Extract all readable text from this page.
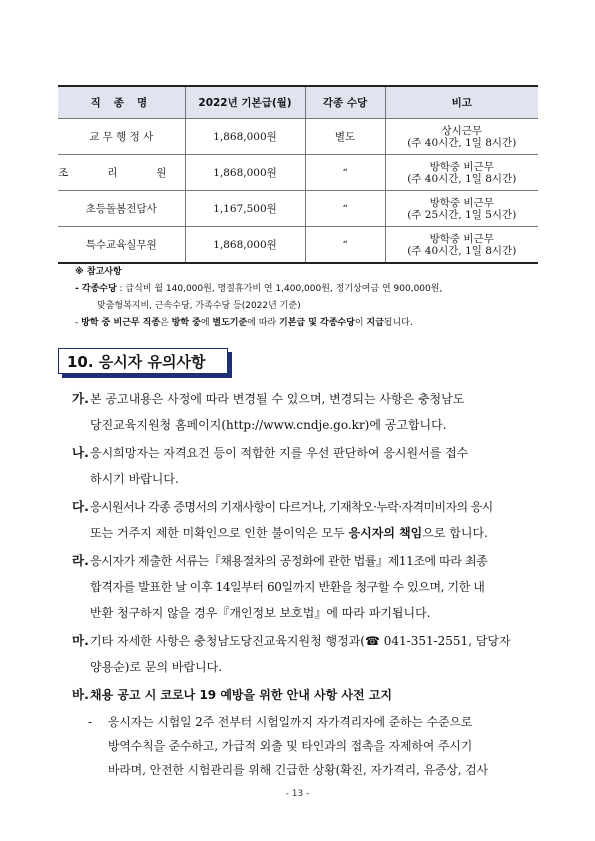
직 종 명	2022년 기본급(월)	각종 수당	비고
교 무 행 정 사	1,868,000원	별도	상시근무
(주 40시간, 1일 8시간)

조 리 원	1,868,000원	“	방학중 비근무
(주 40시간, 1일 8시간)

초등돌봄전담사	1,167,500원	“	방학중 비근무
(주 25시간, 1일 5시간)

특수교육실무원	1,868,000원	“	방학중 비근무
(주 40시간, 1일 8시간)
※ 참고사항
- 각종수당 : 급식비 월 140,000원, 명절휴가비 연 1,400,000원, 정기상여금 연 900,000원,
맞춤형복지비, 근속수당, 가족수당 등(2022년 기준)
- 방학 중 비근무 직종은 방학 중에 별도기준에 따라 기본급 및 각종수당이 지급됩니다.
10. 응시자 유의사항
가. 본 공고내용은 사정에 따라 변경될 수 있으며, 변경되는 사항은 충청남도
당진교육지원청 홈페이지(http://www.cndje.go.kr)에 공고합니다.
나. 응시희망자는 자격요건 등이 적합한 지를 우선 판단하여 응시원서를 접수
하시기 바랍니다.
다. 응시원서나 각종 증명서의 기재사항이 다르거나, 기재착오·누락·자격미비자의 응시
또는 거주지 제한 미확인으로 인한 불이익은 모두 응시자의 책임으로 합니다.
라. 응시자가 제출한 서류는『채용절차의 공정화에 관한 법률』제11조에 따라 최종
합격자를 발표한 날 이후 14일부터 60일까지 반환을 청구할 수 있으며, 기한 내
반환 청구하지 않을 경우『개인정보 보호법』에 따라 파기됩니다.
마. 기타 자세한 사항은 충청남도당진교육지원청 행정과(☎ 041-351-2551, 담당자
양용순)로 문의 바랍니다.
바. 채용 공고 시 코로나 19 예방을 위한 안내 사항 사전 고지
- 응시자는 시험일 2주 전부터 시험일까지 자가격리자에 준하는 수준으로
방역수칙을 준수하고, 가급적 외출 및 타인과의 접촉을 자제하여 주시기
바라며, 안전한 시험관리를 위해 긴급한 상황(확진, 자가격리, 유증상, 검사
- 13 -
